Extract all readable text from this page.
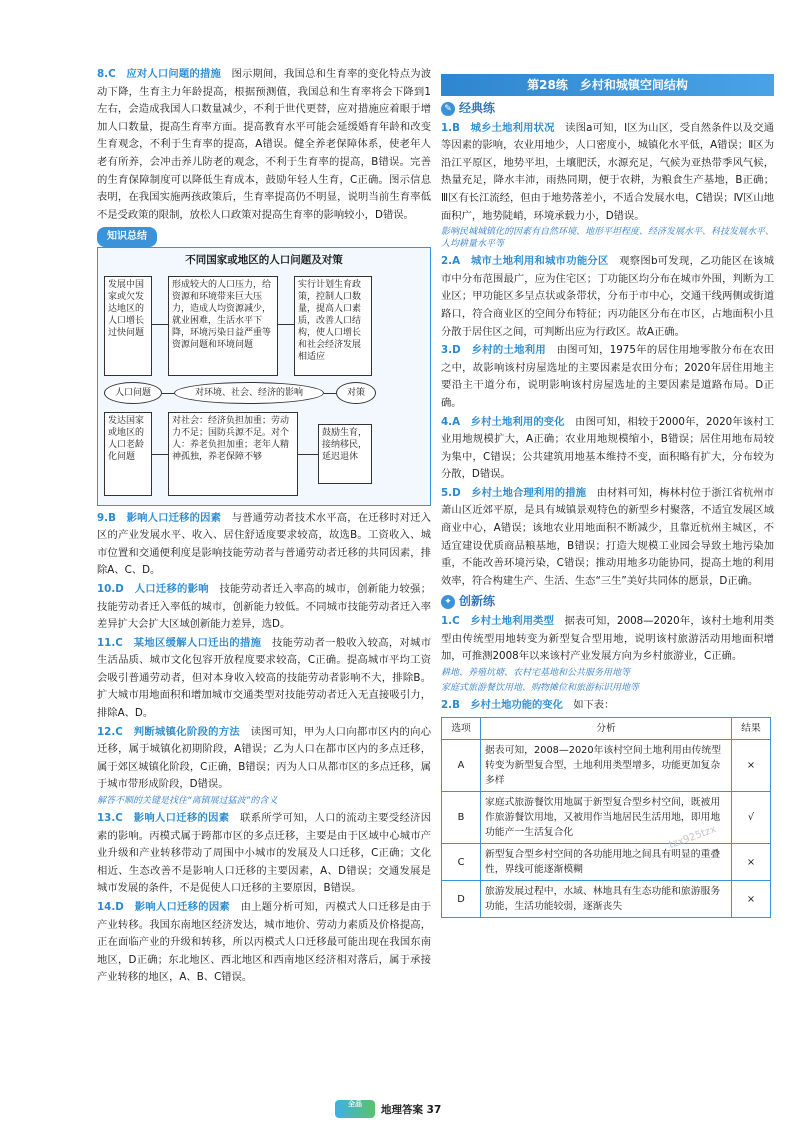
8.C　 应对人口问题的措施　 图示期间，我国总和生育率的变化特点为波动下降，生育主力年龄提高，根据预测值，我国总和生育率将会下降到1左右，会造成我国人口数量减少，不利于世代更替，应对措施应着眼于增加人口数量，提高生育率方面。提高教育水平可能会延缓婚育年龄和改变生育观念，不利于生育率的提高，A错误。健全养老保障体系，使老年人老有所养，会冲击养儿防老的观念，不利于生育率的提高，B错误。完善的生育保障制度可以降低生育成本，鼓励年轻人生育，C正确。图示信息表明，在我国实施两孩政策后，生育率提高仍不明显，说明当前生育率低不是受政策的限制，放松人口政策对提高生育率的影响较小，D错误。

知识总结
不同国家或地区的人口问题及对策
发展中国家或欠发达地区的人口增长过快问题
形成较大的人口压力，给资源和环境带来巨大压力，造成人均资源减少，就业困难，生活水平下降，环境污染日益严重等资源问题和环境问题
实行计划生育政策，控制人口数量，提高人口素质，改善人口结构，使人口增长和社会经济发展相适应
人口问题	对环境、社会、经济的影响	对策
发达国家或地区的人口老龄化问题
对社会：经济负担加重；劳动力不足；国防兵源不足。对个人：养老负担加重；老年人精神孤独，养老保障不够
鼓励生育，接纳移民，延迟退休

9.B　 影响人口迁移的因素　 与普通劳动者技术水平高，在迁移时对迁入区的产业发展水平、收入、居住舒适度要求较高，故选B。工资收入、城市位置和交通便利度是影响技能劳动者与普通劳动者迁移的共同因素，排除A、C、D。

10.D　 人口迁移的影响　 技能劳动者迁入率高的城市，创新能力较强；技能劳动者迁入率低的城市，创新能力较低。不同城市技能劳动者迁入率差异扩大会扩大区域创新能力差异，选D。

11.C　 某地区缓解人口迁出的措施　 技能劳动者一般收入较高，对城市生活品质、城市文化包容开放程度要求较高，C正确。提高城市平均工资会吸引普通劳动者，但对本身收入较高的技能劳动者影响不大，排除B。扩大城市用地面积和增加城市交通类型对技能劳动者迁入无直接吸引力，排除A、D。

12.C　 判断城镇化阶段的方法　 读图可知，甲为人口向都市区内的向心迁移，属于城镇化初期阶段，A错误；乙为人口在都市区内的多点迁移，属于郊区城镇化阶段，C正确，B错误；丙为人口从都市区的多点迁移，属于城市带形成阶段，D错误。

解答不顺的关键是找住“离镇展过猛波”的含义

13.C　 影响人口迁移的因素　 联系所学可知，人口的流动主要受经济因素的影响。丙模式属于跨都市区的多点迁移，主要是由于区域中心城市产业升级和产业转移带动了周围中小城市的发展及人口迁移，C正确；文化相近、生态改善不是影响人口迁移的主要因素，A、D错误；交通发展是城市发展的条件，不是促使人口迁移的主要原因，B错误。

14.D　 影响人口迁移的因素　 由上题分析可知，丙模式人口迁移是由于产业转移。我国东南地区经济发达，城市地价、劳动力素质及价格提高，正在面临产业的升级和转移，所以丙模式人口迁移最可能出现在我国东南地区，D正确；东北地区、西北地区和西南地区经济相对落后，属于承接产业转移的地区，A、B、C错误。

第28练　乡村和城镇空间结构
✎ 经典练

1.B　 城乡土地利用状况　 读图a可知，Ⅰ区为山区，受自然条件以及交通等因素的影响，农业用地少，人口密度小，城镇化水平低，A错误；Ⅱ区为沿江平原区，地势平坦，土壤肥沃，水源充足，气候为亚热带季风气候，热量充足，降水丰沛，雨热同期，便于农耕，为粮食生产基地，B正确；Ⅲ区有长江流经，但由于地势落差小，不适合发展水电，C错误；Ⅳ区山地面积广，地势陡峭，环境承载力小，D错误。

影响民城城镇化的因素有自然环境、地形平坦程度、经济发展水平、科技发展水平、人均耕量水平等

2.A　 城市土地利用和城市功能分区　 观察图b可发现，乙功能区在该城市中分布范围最广，应为住宅区；丁功能区均分布在城市外围，判断为工业区；甲功能区多呈点状或条带状，分布于市中心，交通干线两侧或街道路口，符合商业区的空间分布特征；丙功能区分布在市区，占地面积小且分散于居住区之间，可判断出应为行政区。故A正确。

3.D　 乡村的土地利用　 由图可知，1975年的居住用地零散分布在农田之中，故影响该村房屋选址的主要因素是农田分布；2020年居住用地主要沿主干道分布，说明影响该村房屋选址的主要因素是道路布局。D正确。

4.A　 乡村土地利用的变化　 由图可知，相较于2000年，2020年该村工业用地规模扩大，A正确；农业用地规模缩小，B错误；居住用地布局较为集中，C错误；公共建筑用地基本维持不变，面积略有扩大，分布较为分散，D错误。

5.D　 乡村土地合理利用的措施　 由材料可知，梅林村位于浙江省杭州市萧山区近郊平原，是具有城镇景观特色的新型乡村聚落，不适宜发展区域商业中心，A错误；该地农业用地面积不断减少，且靠近杭州主城区，不适宜建设优质商品粮基地，B错误；打造大规模工业园会导致土地污染加重，不能改善环境污染，C错误；推动用地多功能协同，提高土地的利用效率，符合构建生产、生活、生态“三生”美好共同体的愿景，D正确。

✦ 创新练

1.C　 乡村土地利用类型　 据表可知，2008—2020年，该村土地利用类型由传统型用地转变为新型复合型用地，说明该村旅游活动用地面积增加，可推测2008年以来该村产业发展方向为乡村旅游业，C正确。

耕地、养殖坑塘、农村宅基地和公共服务用地等
家庭式旅游餐饮用地、购物摊位和旅游标识用地等

2.B　 乡村土地功能的变化　 如下表：

选项	分析	结果
A	据表可知，2008—2020年该村空间土地利用由传统型转变为新型复合型，土地利用类型增多，功能更加复杂多样	×
B	家庭式旅游餐饮用地属于新型复合型乡村空间，既被用作旅游餐饮用地，又被用作当地居民生活用地，即用地功能产一生活复合化	√
C	新型复合型乡村空间的各功能用地之间具有明显的重叠性，界线可能逐渐模糊	×
D	旅游发展过程中，水域、林地具有生态功能和旅游服务功能，生活功能较弱，逐渐丧失	×
tzx925tzx
全品	地理答案 37
